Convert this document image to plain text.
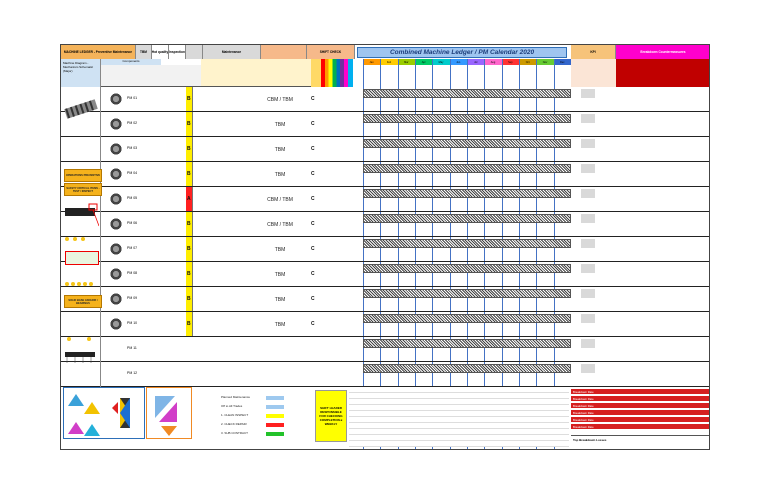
MACHINE LEDGER - Preventive Maintenance	TBM	Hot quality Inspection	Maintenance	SHIFT CHECK	Combined Machine Ledger / PM Calendar 2020	KPI	Breakdown Countermeasures
Machine Diagram - Mechanism Schematic (Major)
Components	Jan	Feb	Mar	Apr	May	Jun	Jul	Aug	Sep	Oct	Nov	Dec
PM 01	B	CBM / TBM	C
PM 02	B	TBM	C
PM 03	B	TBM	C
PM 04	B	TBM	C
PM 05	A	CBM / TBM	C
PM 06	B	CBM / TBM	C
PM 07	B	TBM	C
PM 08	B	TBM	C
PM 09	B	TBM	C
PM 10	B	TBM	C
PM 11
PM 12
OPERATIONS PREVENTIVE
SAFETY CRITICAL ITEMS - TEST / INSPECT
SOLID BASE ANCHOR / BEARINGS
Planned Maintenance
Off to All Trades
1. CLEAN INSPECT
2. CHECK REPAIR
3. SUB CONTRACT
SHIFT LEADER RESPONSIBLE FOR CHECKING COMPLETION ≥ WEEKLY
Breakdown Rate
Breakdown Rate
Breakdown Rate
Breakdown Rate
Breakdown Rate
Breakdown Rate
Top Breakdown Losses
